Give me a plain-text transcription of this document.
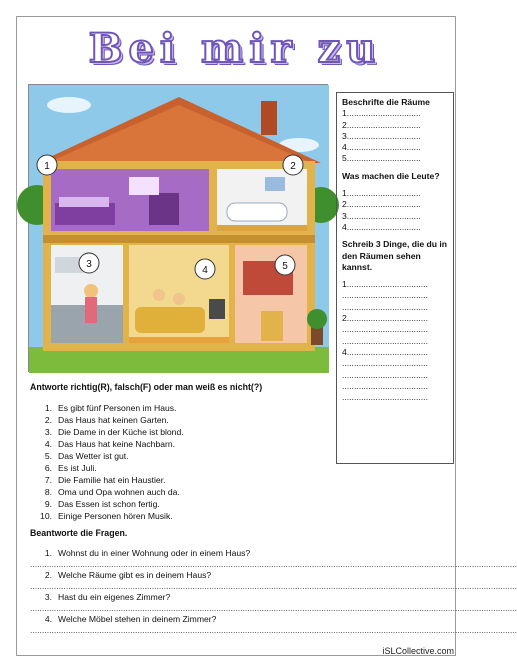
Bei mir zu
1	2
3
4	5
Beschrifte die Räume
1...............................
2...............................
3...............................
4...............................
5...............................
Was machen die Leute?
1...............................
2...............................
3...............................
4...............................
Schreib 3 Dinge, die du in den Räumen sehen kannst.
1..................................
....................................
....................................
2..................................
....................................
....................................
4..................................
....................................
....................................
....................................
....................................
Antworte richtig(R), falsch(F) oder man weiß es nicht(?)
1. Es gibt fünf Personen im Haus.
2. Das Haus hat keinen Garten.
3. Die Dame in der Küche ist blond.
4. Das Haus hat keine Nachbarn.
5. Das Wetter ist gut.
6. Es ist Juli.
7. Die Familie hat ein Haustier.
8. Oma und Opa wohnen auch da.
9. Das Essen ist schon fertig.
10. Einige Personen hören Musik.
Beantworte die Fragen.
1. Wohnst du in einer Wohnung oder in einem Haus?
............................................................................................................................................................................................................
2. Welche Räume gibt es in deinem Haus?
............................................................................................................................................................................................................
3. Hast du ein eigenes Zimmer?
............................................................................................................................................................................................................
4. Welche Möbel stehen in deinem Zimmer?
............................................................................................................................................................................................................
iSLCollective.com
